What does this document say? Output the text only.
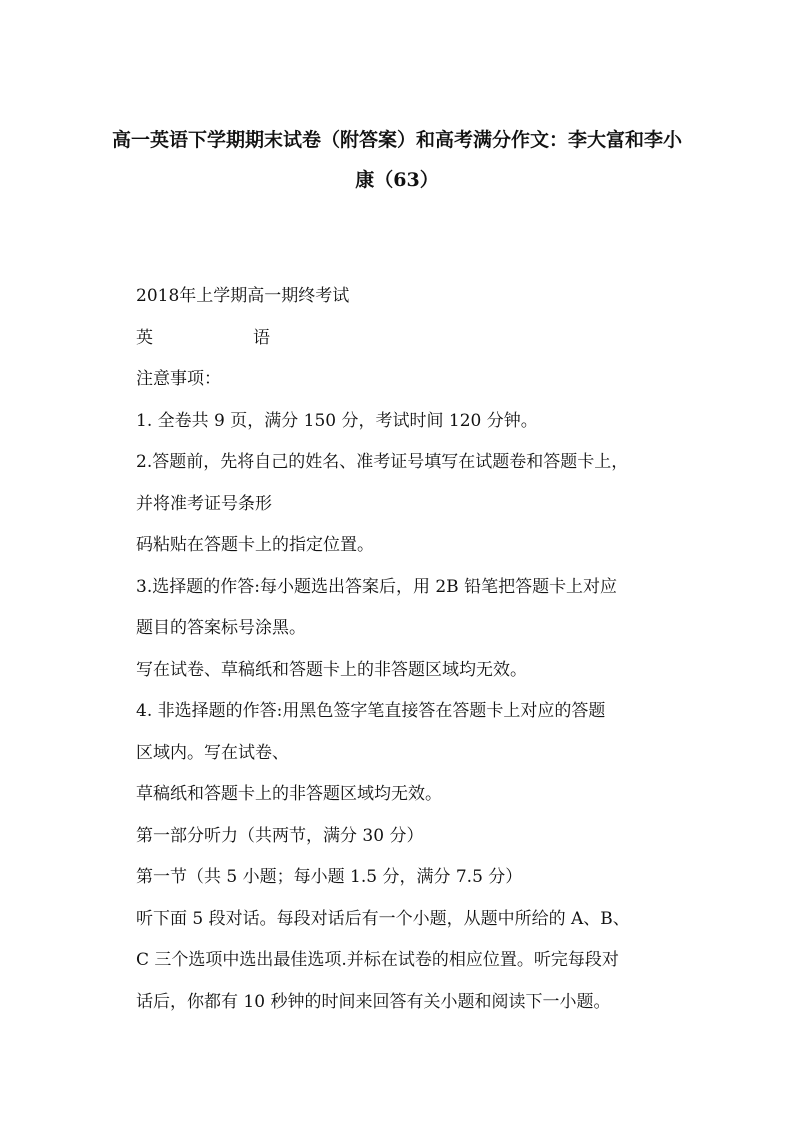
高一英语下学期期末试卷（附答案）和高考满分作文：李大富和李小
康（63）
2018年上学期高一期终考试
英	语
注意事项：
1. 全卷共 9 页，满分 150 分，考试时间 120 分钟。
2.答题前，先将自己的姓名、准考证号填写在试题卷和答题卡上，
并将准考证号条形
码粘贴在答题卡上的指定位置。
3.选择题的作答:每小题选出答案后，用 2B 铅笔把答题卡上对应
题目的答案标号涂黑。
写在试卷、草稿纸和答题卡上的非答题区域均无效。
4. 非选择题的作答:用黑色签字笔直接答在答题卡上对应的答题
区域内。写在试卷、
草稿纸和答题卡上的非答题区域均无效。
第一部分听力（共两节，满分 30 分）
第一节（共 5 小题；每小题 1.5 分，满分 7.5 分）
听下面 5 段对话。每段对话后有一个小题，从题中所给的 A、B、
C 三个选项中选出最佳选项.并标在试卷的相应位置。听完每段对
话后，你都有 10 秒钟的时间来回答有关小题和阅读下一小题。
